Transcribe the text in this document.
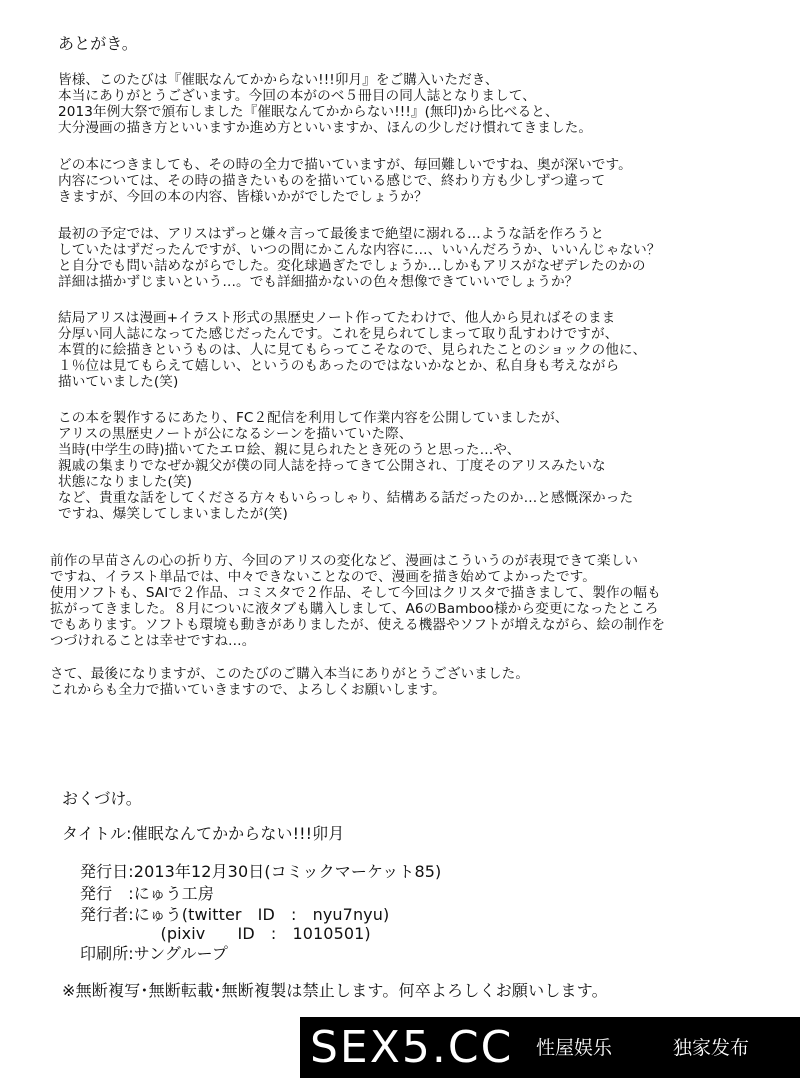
あとがき。
皆様、このたびは『催眠なんてかからない!!!卯月』をご購入いただき、
本当にありがとうございます。今回の本がのベ５冊目の同人誌となりまして、
2013年例大祭で頒布しました『催眠なんてかからない!!!』(無印)から比べると、
大分漫画の描き方といいますか進め方といいますか、ほんの少しだけ慣れてきました。
どの本につきましても、その時の全力で描いていますが、毎回難しいですね、奥が深いです。
内容については、その時の描きたいものを描いている感じで、終わり方も少しずつ違って
きますが、今回の本の内容、皆様いかがでしたでしょうか？
最初の予定では、アリスはずっと嫌々言って最後まで絶望に溺れる…ような話を作ろうと
していたはずだったんですが、いつの間にかこんな内容に…、いいんだろうか、いいんじゃない？
と自分でも問い詰めながらでした。変化球過ぎたでしょうか…しかもアリスがなぜデレたのかの
詳細は描かずじまいという…。でも詳細描かないの色々想像できていいでしょうか？
結局アリスは漫画+イラスト形式の黒歴史ノート作ってたわけで、他人から見ればそのまま
分厚い同人誌になってた感じだったんです。これを見られてしまって取り乱すわけですが、
本質的に絵描きというものは、人に見てもらってこそなので、見られたことのショックの他に、
１％位は見てもらえて嬉しい、というのもあったのではないかなとか、私自身も考えながら
描いていました(笑)
この本を製作するにあたり、FC２配信を利用して作業内容を公開していましたが、
アリスの黒歴史ノートが公になるシーンを描いていた際、
当時(中学生の時)描いてたエロ絵、親に見られたとき死のうと思った…や、
親戚の集まりでなぜか親父が僕の同人誌を持ってきて公開され、丁度そのアリスみたいな
状態になりました(笑)
など、貴重な話をしてくださる方々もいらっしゃり、結構ある話だったのか…と感慨深かった
ですね、爆笑してしまいましたが(笑)
前作の早苗さんの心の折り方、今回のアリスの変化など、漫画はこういうのが表現できて楽しい
ですね、イラスト単品では、中々できないことなので、漫画を描き始めてよかったです。
使用ソフトも、SAIで２作品、コミスタで２作品、そして今回はクリスタで描きまして、製作の幅も
拡がってきました。８月についに液タブも購入しまして、A6のBamboo様から変更になったところ
でもあります。ソフトも環境も動きがありましたが、使える機器やソフトが増えながら、絵の制作を
つづけれることは幸せですね…。
さて、最後になりますが、このたびのご購入本当にありがとうございました。
これからも全力で描いていきますので、よろしくお願いします。
おくづけ。
タイトル:催眠なんてかからない!!!卯月
発行日:2013年12月30日(コミックマーケット85)
発行　:にゅう工房
発行者:にゅう(twitter　ID　:　nyu7nyu)
　　　　　(pixiv　　ID　:　1010501)
印刷所:サングループ
※無断複写･無断転載･無断複製は禁止します。何卒よろしくお願いします。
SEX5.CC 性屋娱乐	独家发布
